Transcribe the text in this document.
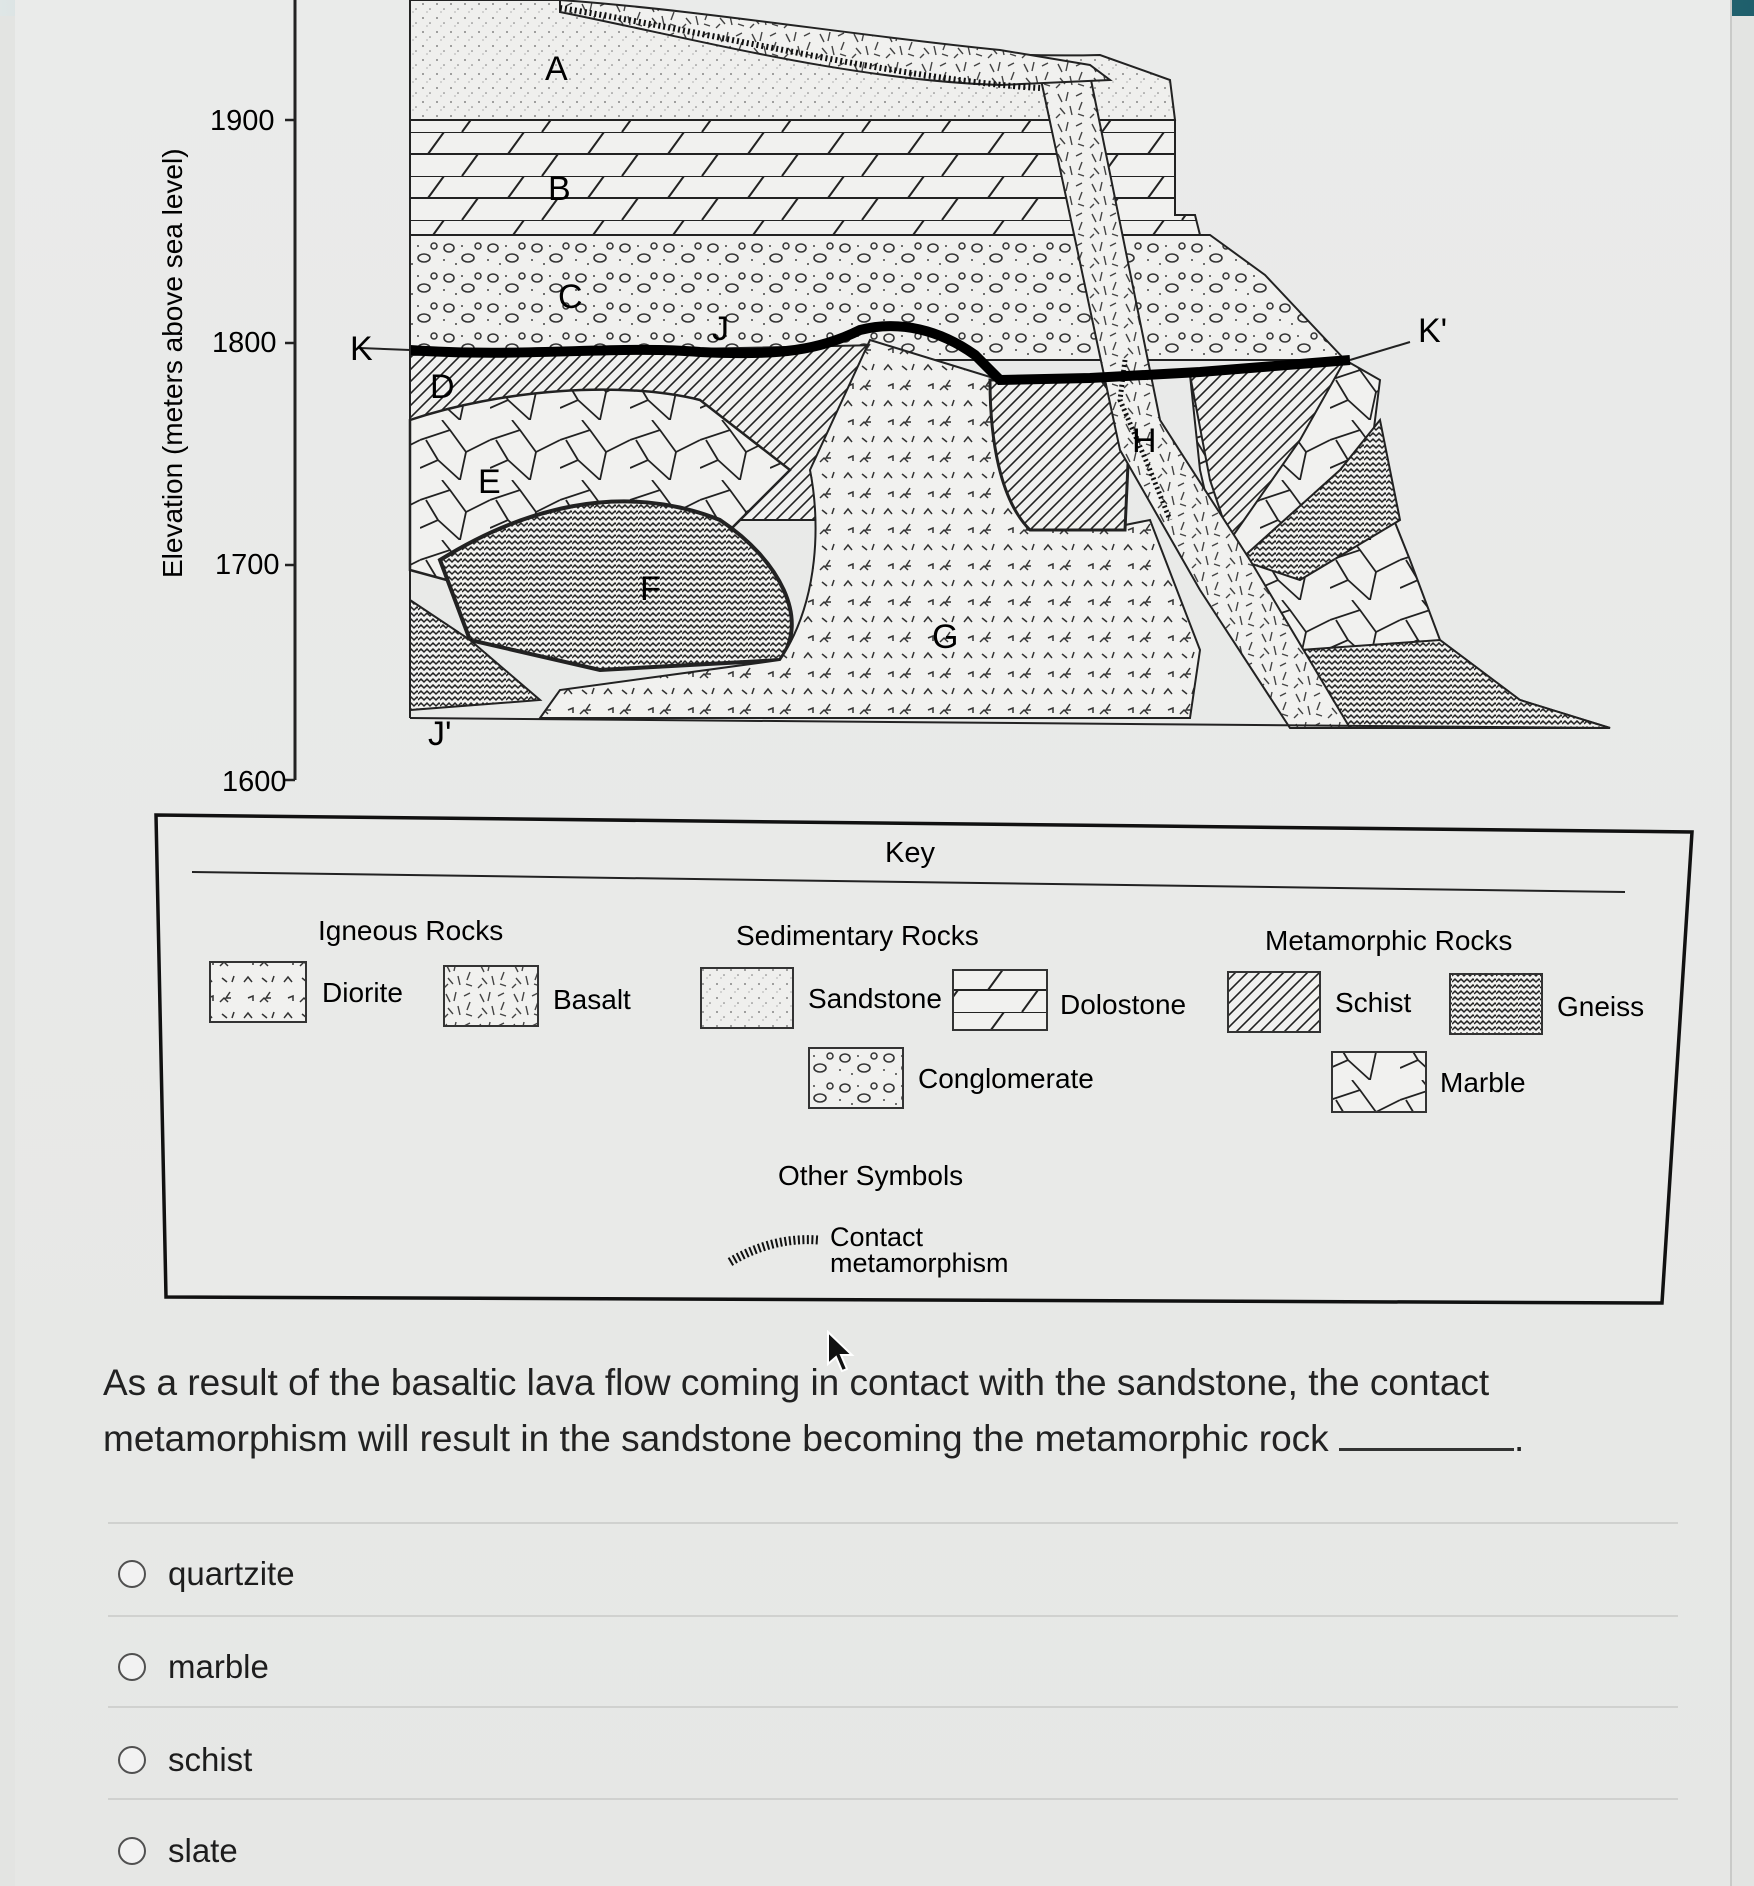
1900
1800
1700
1600
Elevation (meters above sea level)
A
B
C
J
D
E
F
G
H
K	K'
J'
Key
Igneous Rocks
Diorite	Basalt
Sedimentary Rocks
Sandstone	Dolostone
Conglomerate
Metamorphic Rocks
Schist	Gneiss
Marble
Other Symbols
Contact
metamorphism
As a result of the basaltic lava flow coming in contact with the sandstone, the contact metamorphism will result in the sandstone becoming the metamorphic rock	.
quartzite
marble
schist
slate
